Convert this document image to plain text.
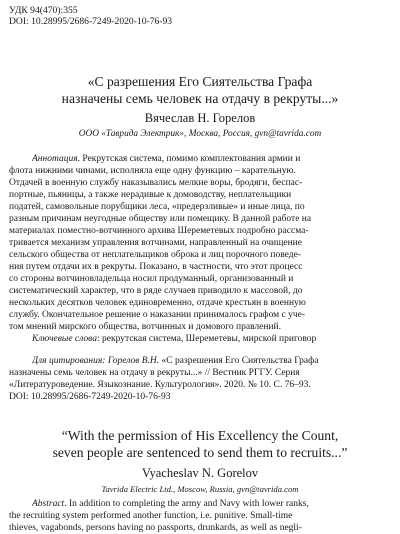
УДК 94(470):355
DOI: 10.28995/2686-7249-2020-10-76-93
«С разрешения Его Сиятельства Графа
назначены семь человек на отдачу в рекруты...»
Вячеслав Н. Горелов
ООО «Таврида Электрик», Москва, Россия, gvn@tavrida.com
Аннотация. Рекрутская система, помимо комплектования армии и
флота нижними чинами, исполняла еще одну функцию – карательную.
Отдачей в военную службу наказывались мелкие воры, бродяги, беспас-
портные, пьяницы, а также нерадивые к домоводству, неплательщики
податей, самовольные порубщики леса, «предерзливые» и иные лица, по
разным причинам неугодные обществу или помещику. В данной работе на
материалах поместно-вотчинного архива Шереметевых подробно рассма-
тривается механизм управления вотчинами, направленный на очищение
сельского общества от неплательщиков оброка и лиц порочного поведе-
ния путем отдачи их в рекруты. Показано, в частности, что этот процесс
со стороны вотчиновладельца носил продуманный, организованный и
систематический характер, что в ряде случаев приводило к массовой, до
нескольких десятков человек единовременно, отдаче крестьян в военную
службу. Окончательное решение о наказании принималось графом с уче-
том мнений мирского общества, вотчинных и домового правлений.
Ключевые слова: рекрутская система, Шереметевы, мирской приговор
Для цитирования: Горелов В.Н. «С разрешения Его Сиятельства Графа
назначены семь человек на отдачу в рекруты...» // Вестник РГГУ. Серия
«Литературоведение. Языкознание. Культурология». 2020. № 10. С. 76–93.
DOI: 10.28995/2686-7249-2020-10-76-93
“With the permission of His Excellency the Count,
seven people are sentenced to send them to recruits...”
Vyacheslav N. Gorelov
Tavrida Electric Ltd., Moscow, Russia, gvn@tavrida.com
Abstract. In addition to completing the army and Navy with lower ranks,
the recruiting system performed another function, i.e. punitive. Small-time
thieves, vagabonds, persons having no passports, drunkards, as well as negli-
